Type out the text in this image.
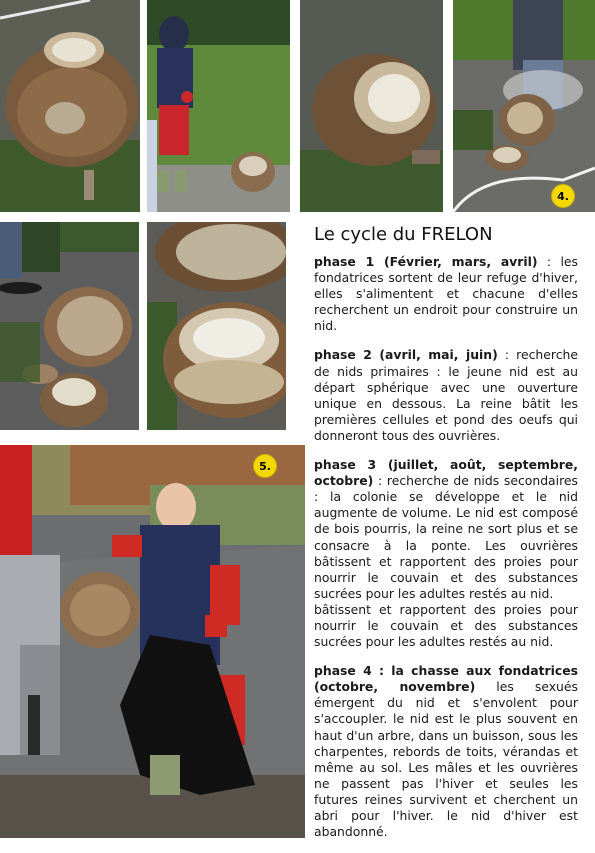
4.
5.
Le cycle du FRELON

phase 1 (Février, mars, avril) : les fondatrices sortent de leur refuge d'hiver, elles s'alimentent et chacune d'elles recherchent un endroit pour construire un nid.

phase 2 (avril, mai, juin) : recherche de nids primaires : le jeune nid est au départ sphérique avec une ouverture unique en dessous. La reine bâtit les premières cellules et pond des oeufs qui donneront tous des ouvrières.

phase 3 (juillet, août, septembre, octobre) : recherche de nids secondaires : la colonie se développe et le nid augmente de volume. Le nid est composé de bois pourris, la reine ne sort plus et se consacre à la ponte. Les ouvrières bâtissent et rapportent des proies pour nourrir le couvain et des substances sucrées pour les adultes restés au nid.

bâtissent et rapportent des proies pour nourrir le couvain et des substances sucrées pour les adultes restés au nid.

phase 4 : la chasse aux fondatrices (octobre, novembre) les sexués émergent du nid et s'envolent pour s'accoupler. le nid est le plus souvent en haut d'un arbre, dans un buisson, sous les charpentes, rebords de toits, vérandas et même au sol. Les mâles et les ouvrières ne passent pas l'hiver et seules les futures reines survivent et cherchent un abri pour l'hiver. le nid d'hiver est abandonné.
